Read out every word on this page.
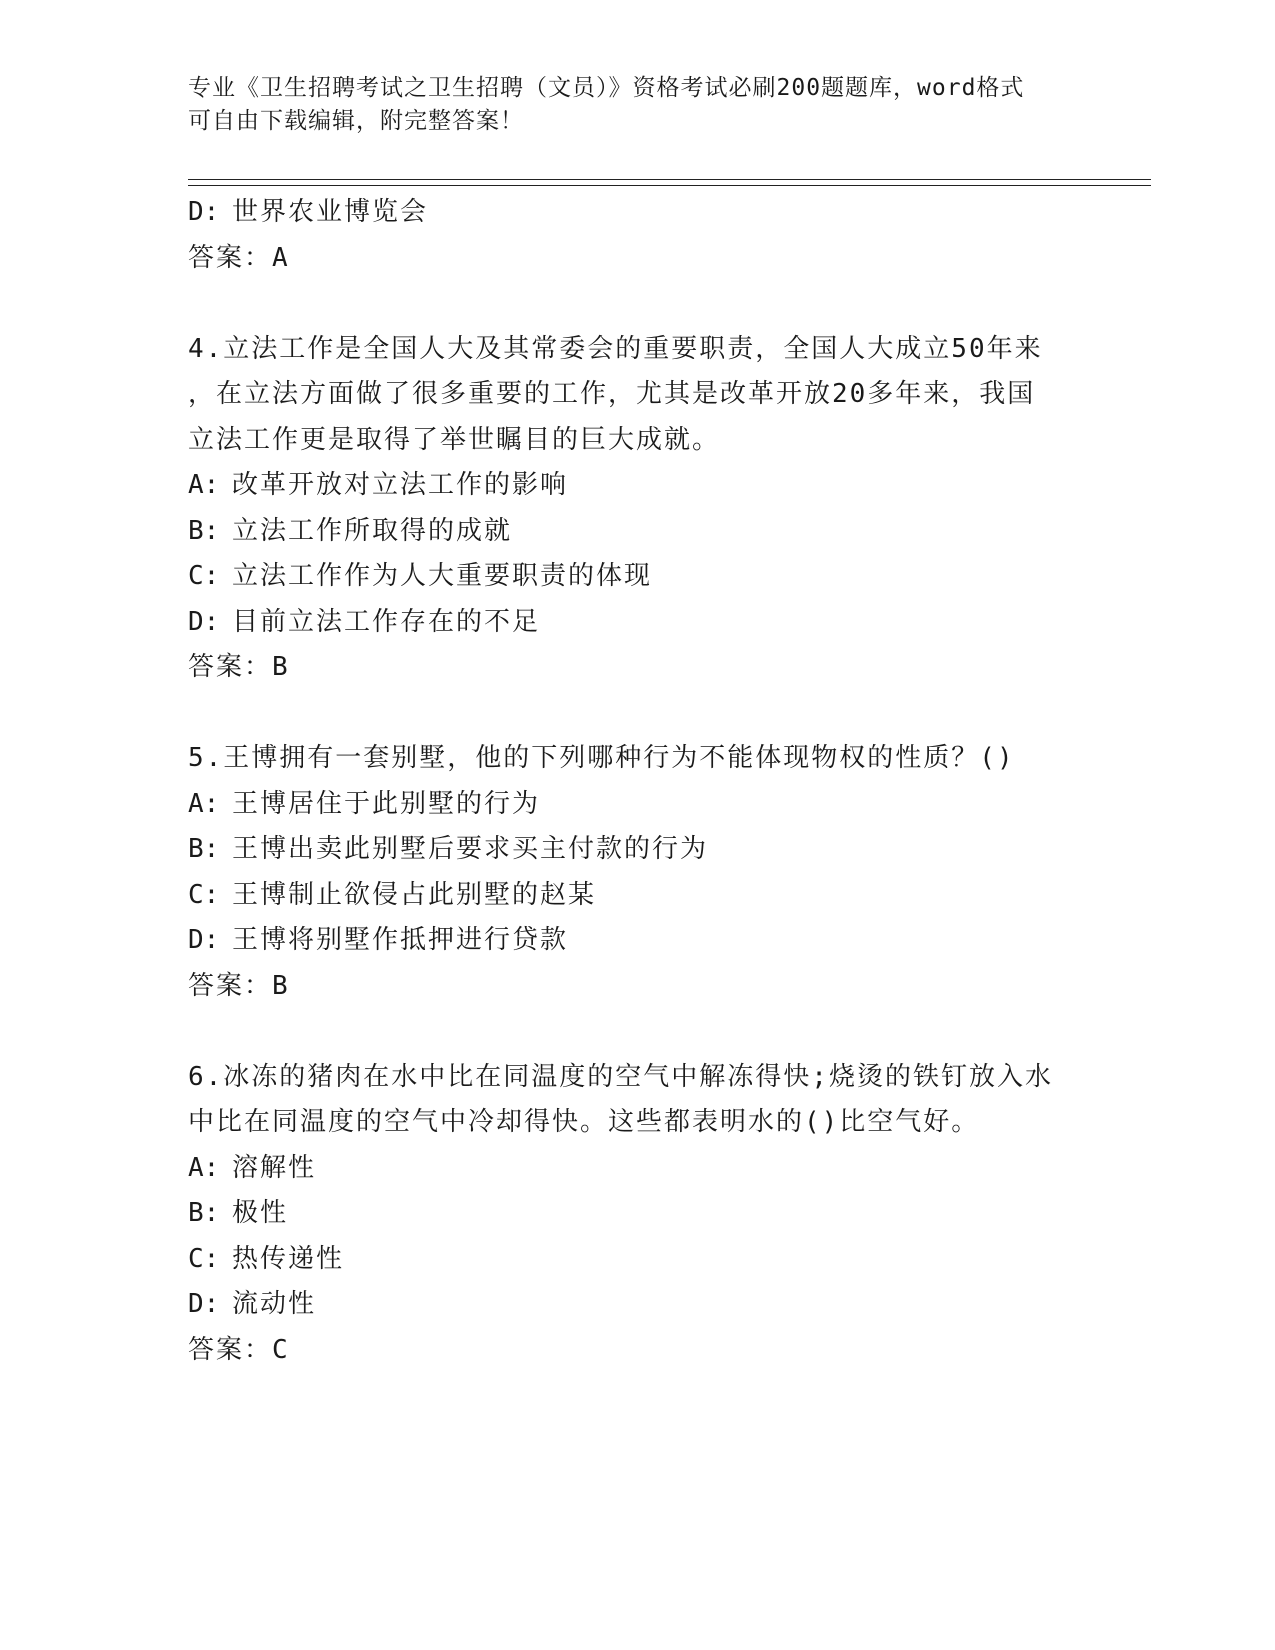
专业《卫生招聘考试之卫生招聘（文员）》资格考试必刷200题题库，word格式
可自由下载编辑，附完整答案！
D: 世界农业博览会
答案：A
4.立法工作是全国人大及其常委会的重要职责，全国人大成立50年来
，在立法方面做了很多重要的工作，尤其是改革开放20多年来，我国
立法工作更是取得了举世瞩目的巨大成就。
A: 改革开放对立法工作的影响
B: 立法工作所取得的成就
C: 立法工作作为人大重要职责的体现
D: 目前立法工作存在的不足
答案：B
5.王博拥有一套别墅，他的下列哪种行为不能体现物权的性质？()
A: 王博居住于此别墅的行为
B: 王博出卖此别墅后要求买主付款的行为
C: 王博制止欲侵占此别墅的赵某
D: 王博将别墅作抵押进行贷款
答案：B
6.冰冻的猪肉在水中比在同温度的空气中解冻得快;烧烫的铁钉放入水
中比在同温度的空气中冷却得快。这些都表明水的()比空气好。
A: 溶解性
B: 极性
C: 热传递性
D: 流动性
答案：C
